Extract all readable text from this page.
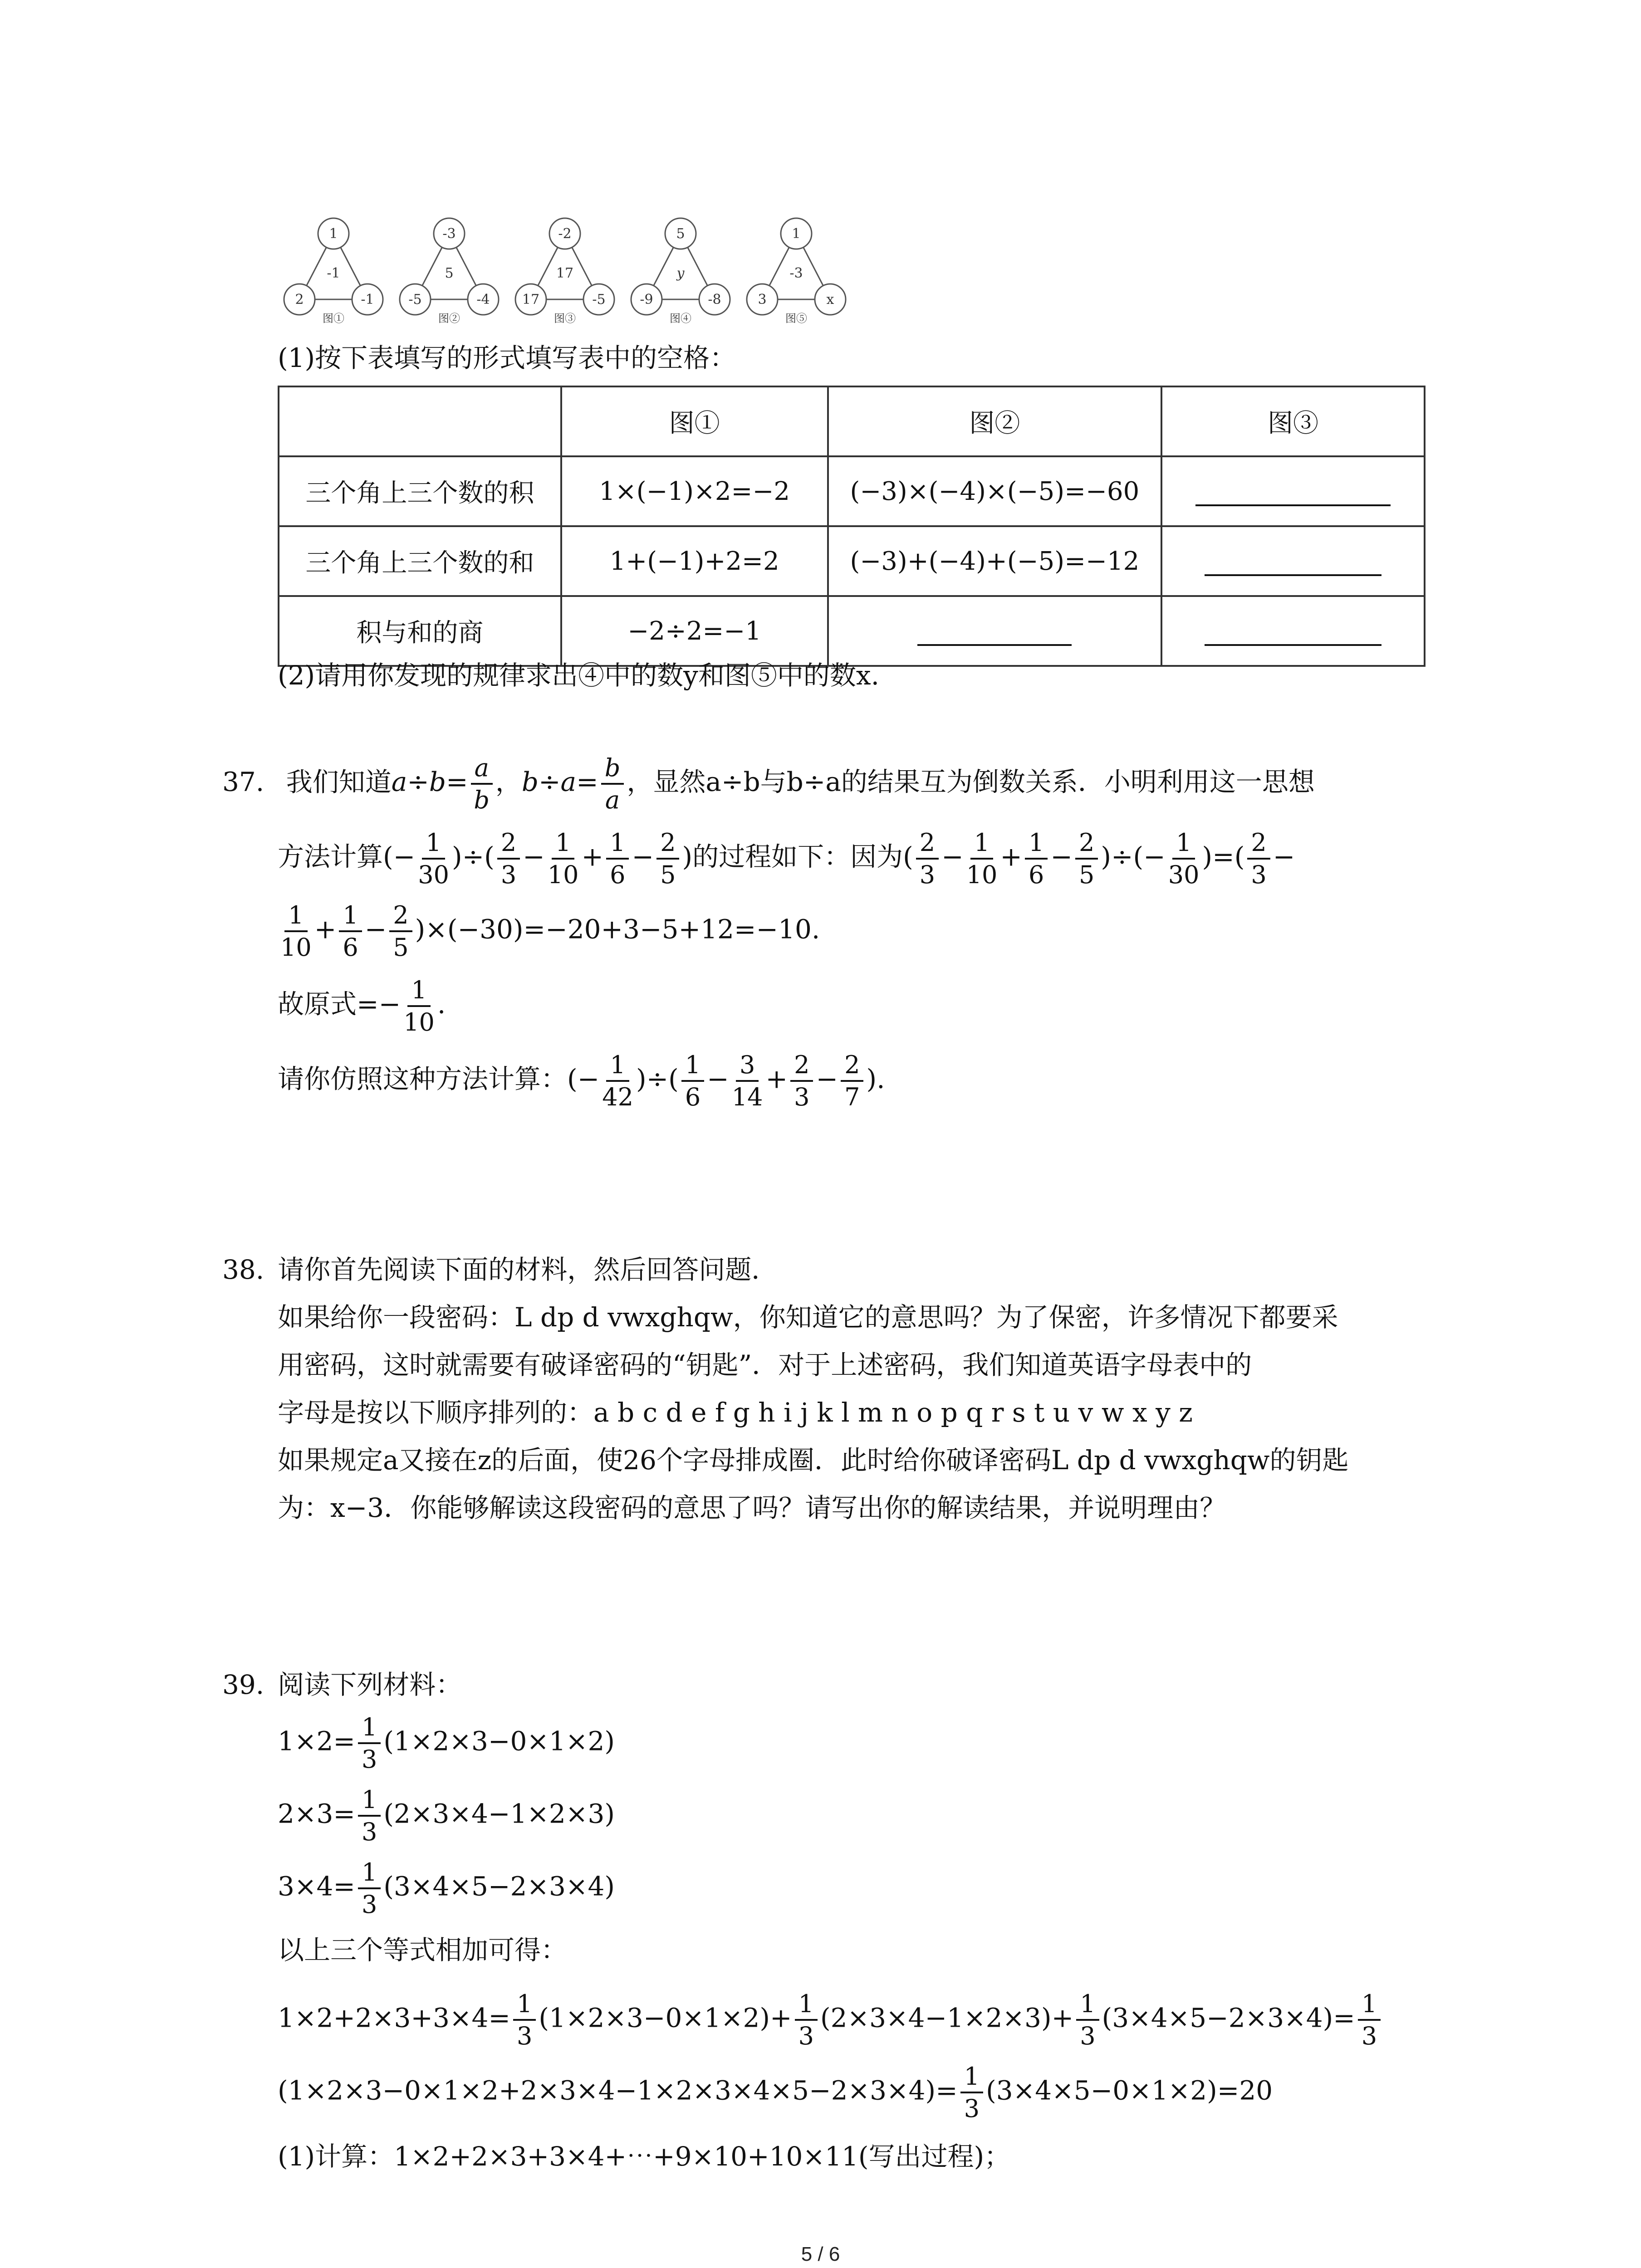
1
2	-1
-1
图①
-3
-5	-4
5
图②
-2
17	-5
17
图③
5
-9	-8
y
图④
1
3	x
-3
图⑤
(1)按下表填写的形式填写表中的空格：
	图①	图②	图③
三个角上三个数的积	1×(−1)×2=−2	(−3)×(−4)×(−5)=−60	
三个角上三个数的和	1+(−1)+2=2	(−3)+(−4)+(−5)=−12	
积与和的商	−2÷2=−1		
(2)请用你发现的规律求出④中的数y和图⑤中的数x.
37. 我们知道$a\div b= \frac{a}{b}$ ，$b\div a= \frac{b}{a}$ ，显然a÷b与b÷a的结果互为倒数关系．小明利用这一思想
方法计算(− $\frac{1}{30}$ )÷( $\frac{2}{3} - \frac{1}{10} + \frac{1}{6} - \frac{2}{5}$ )的过程如下：因为( $\frac{2}{3} - \frac{1}{10} + \frac{1}{6} - \frac{2}{5}$ )÷(− $\frac{1}{30}$ )=( $\frac{2}{3}$ −
$\frac{1}{10} + \frac{1}{6} - \frac{2}{5} )\times(-30)=-20+3-5+12=-10$.
故原式=− $\frac{1}{10}$ .
请你仿照这种方法计算：(− $\frac{1}{42}$ )÷( $\frac{1}{6} - \frac{3}{14} + \frac{2}{3} - \frac{2}{7}$ ).
38. 请你首先阅读下面的材料，然后回答问题．
如果给你一段密码：L dp d vwxghqw，你知道它的意思吗？为了保密，许多情况下都要采
用密码，这时就需要有破译密码的“钥匙”．对于上述密码，我们知道英语字母表中的
字母是按以下顺序排列的：a b c d e f g h i j k l m n o p q r s t u v w x y z
如果规定a又接在z的后面，使26个字母排成圈．此时给你破译密码L dp d vwxghqw的钥匙
为：x−3．你能够解读这段密码的意思了吗？请写出你的解读结果，并说明理由？
39. 阅读下列材料：
$1\times 2= \frac{1}{3} (1\times 2\times 3-0\times 1\times 2)$
$2\times 3= \frac{1}{3} (2\times 3\times 4-1\times 2\times 3)$
$3\times 4= \frac{1}{3} (3\times 4\times 5-2\times 3\times 4)$
以上三个等式相加可得：
$1\times 2+2\times 3+3\times 4= \frac{1}{3} (1\times 2\times 3-0\times 1\times 2)+ \frac{1}{3} (2\times 3\times 4-1\times 2\times 3)+ \frac{1}{3} (3\times 4\times 5-2\times 3\times 4)= \frac{1}{3}$
$(1\times 2\times 3-0\times 1\times 2+2\times 3\times 4-1\times 2\times 3\times 4\times 5-2\times 3\times 4)= \frac{1}{3} (3\times 4\times 5-0\times 1\times 2)=20$
(1)计算：1×2+2×3+3×4+⋯+9×10+10×11(写出过程)；
5 / 6
